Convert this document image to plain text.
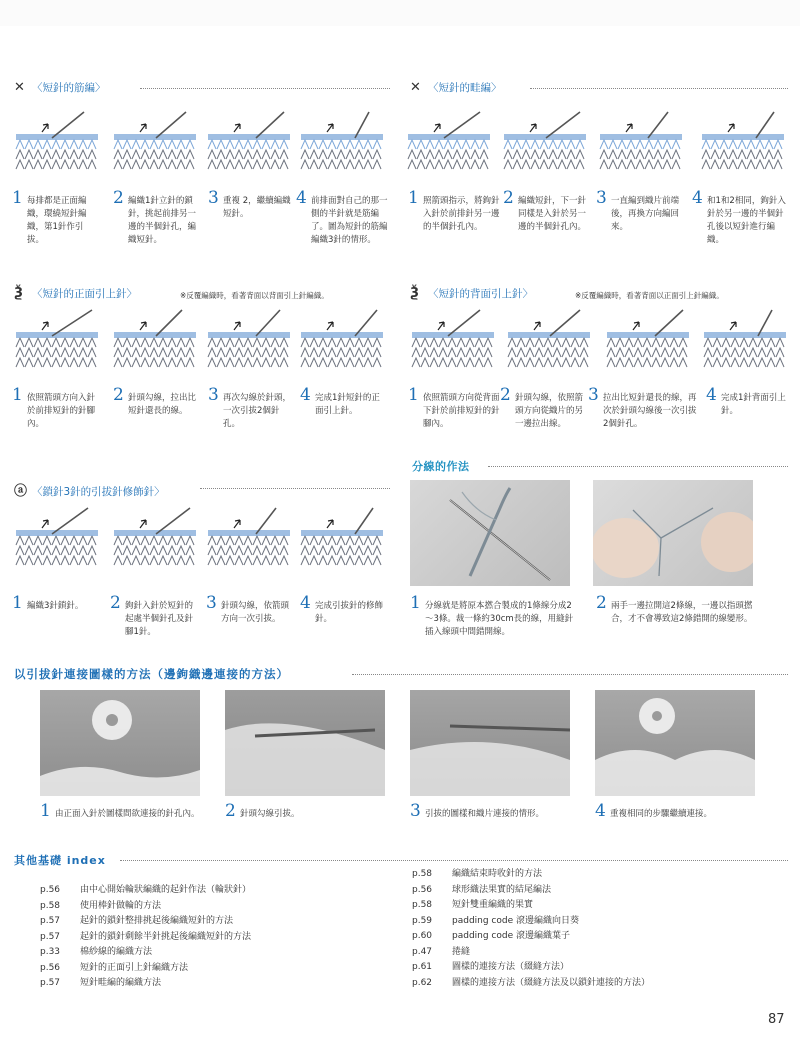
✕ 〈短針的筋編〉
1 每排都是正面編織，環繞短針編織，第1針作引拔。
2 編織1針立針的鎖針，挑起前排另一邊的半個針孔，編織短針。
3 重複 2，繼續編織短針。
4 前排面對自己的那一側的半針就是筋編了。圖為短針的筋編編織3針的情形。
✕ 〈短針的畦編〉
1 照箭頭指示，將鉤針入針於前排針另一邊的半個針孔內。
2 編織短針，下一針同樣是入針於另一邊的半個針孔內。
3 一直編到織片前端後，再換方向編回來。
4 和1和2相同，鉤針入針於另一邊的半個針孔後以短針進行編織。
Ѯ 〈短針的正面引上針〉	※反覆編織時，看著背面以背面引上針編織。
1 依照箭頭方向入針於前排短針的針腳內。
2 針頭勾線，拉出比短針還長的線。
3 再次勾線於針頭，一次引拔2個針孔。
4 完成1針短針的正面引上針。
Ѯ 〈短針的背面引上針〉	※反覆編織時，看著背面以正面引上針編織。
1 依照箭頭方向從背面下針於前排短針的針腳內。
2 針頭勾線，依照箭頭方向從織片的另一邊拉出線。
3 拉出比短針還長的線，再次於針頭勾線後一次引拔2個針孔。
4 完成1針背面引上針。
ⓐ 〈鎖針3針的引拔針修飾針〉
1 編織3針鎖針。	2 鉤針入針於短針的起處半個針孔及針腳1針。
3 針頭勾線，依箭頭方向一次引拔。
4 完成引拔針的修飾針。
分線的作法
1 分線就是將原本撚合製成的1條線分成2～3條。裁一條約30cm長的線，用縫針插入線頭中間錯開線。
2 兩手一邊拉開這2條線，一邊以指頭撚合，才不會導致這2條錯開的線變形。
以引拔針連接圖樣的方法（邊鉤織邊連接的方法）
1 由正面入針於圖樣間欲連接的針孔內。	2 針頭勾線引拔。	3 引拔的圖樣和織片連接的情形。	4 重複相同的步驟繼續連接。
其他基礎 index
p.56 由中心開始輪狀編織的起針作法（輪狀針）
p.58 使用棒針做輪的方法
p.57 起針的鎖針整排挑起後編織短針的方法
p.57 起針的鎖針剩餘半針挑起後編織短針的方法
p.33 棉紗線的編織方法
p.56 短針的正面引上針編織方法
p.57 短針畦編的編織方法
p.58 編織結束時收針的方法
p.56 球形織法果實的結尾編法
p.58 短針雙重編織的果實
p.59 padding code 滾邊編織向日葵
p.60 padding code 滾邊編織葉子
p.47 捲縫
p.61 圖樣的連接方法（綴縫方法）
p.62 圖樣的連接方法（綴縫方法及以鎖針連接的方法）
87
